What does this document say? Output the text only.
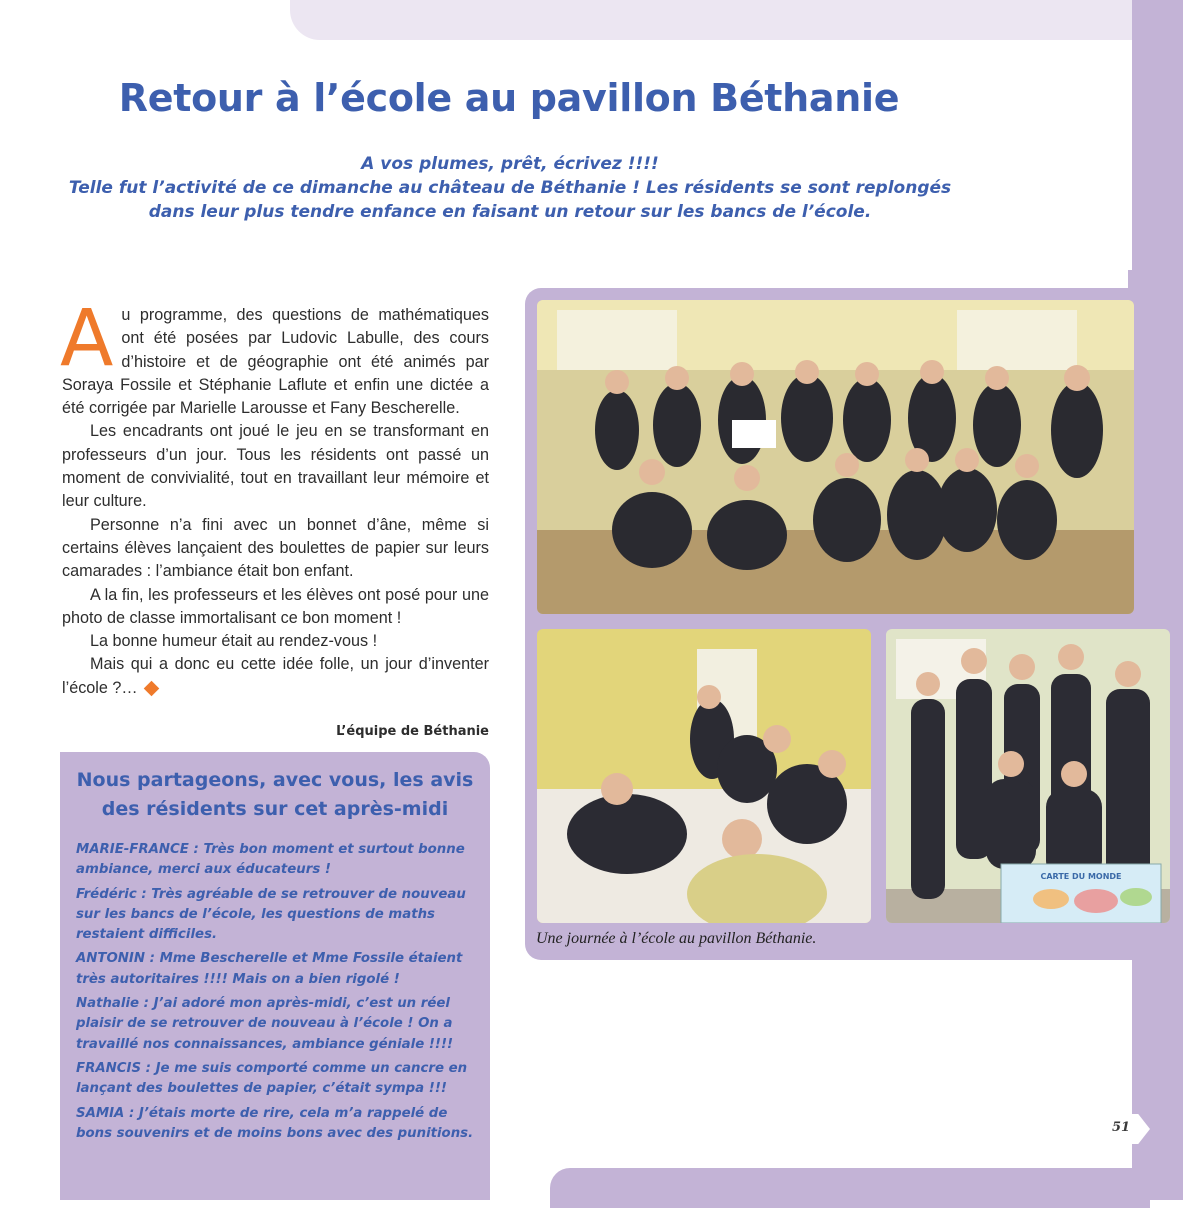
51
Retour à l’école au pavillon Béthanie
A vos plumes, prêt, écrivez !!!!
Telle fut l’activité de ce dimanche au château de Béthanie ! Les résidents se sont replongés dans leur plus tendre enfance en faisant un retour sur les bancs de l’école.

Au programme, des questions de mathématiques ont été posées par Ludovic Labulle, des cours d’histoire et de géographie ont été animés par Soraya Fossile et Stéphanie Laflute et enfin une dictée a été corrigée par Marielle Larousse et Fany Bescherelle.

Les encadrants ont joué le jeu en se transformant en professeurs d’un jour. Tous les résidents ont passé un moment de convivialité, tout en travaillant leur mémoire et leur culture.

Personne n’a fini avec un bonnet d’âne, même si certains élèves lançaient des boulettes de papier sur leurs camarades : l’ambiance était bon enfant.

A la fin, les professeurs et les élèves ont posé pour une photo de classe immortalisant ce bon moment !

La bonne humeur était au rendez-vous !

Mais qui a donc eu cette idée folle, un jour d’inventer l’école ?…

L’équipe de Béthanie
Nous partageons, avec vous, les avis des résidents sur cet après-midi

MARIE-FRANCE : Très bon moment et surtout bonne ambiance, merci aux éducateurs !

Frédéric : Très agréable de se retrouver de nouveau sur les bancs de l’école, les questions de maths restaient difficiles.

ANTONIN : Mme Bescherelle et Mme Fossile étaient très autoritaires !!!! Mais on a bien rigolé !

Nathalie : J’ai adoré mon après-midi, c’est un réel plaisir de se retrouver de nouveau à l’école ! On a travaillé nos connaissances, ambiance géniale !!!!

FRANCIS : Je me suis comporté comme un cancre en lançant des boulettes de papier, c’était sympa !!!

SAMIA : J’étais morte de rire, cela m’a rappelé de bons souvenirs et de moins bons avec des punitions.

CARTE DU MONDE
Une journée à l’école au pavillon Béthanie.
